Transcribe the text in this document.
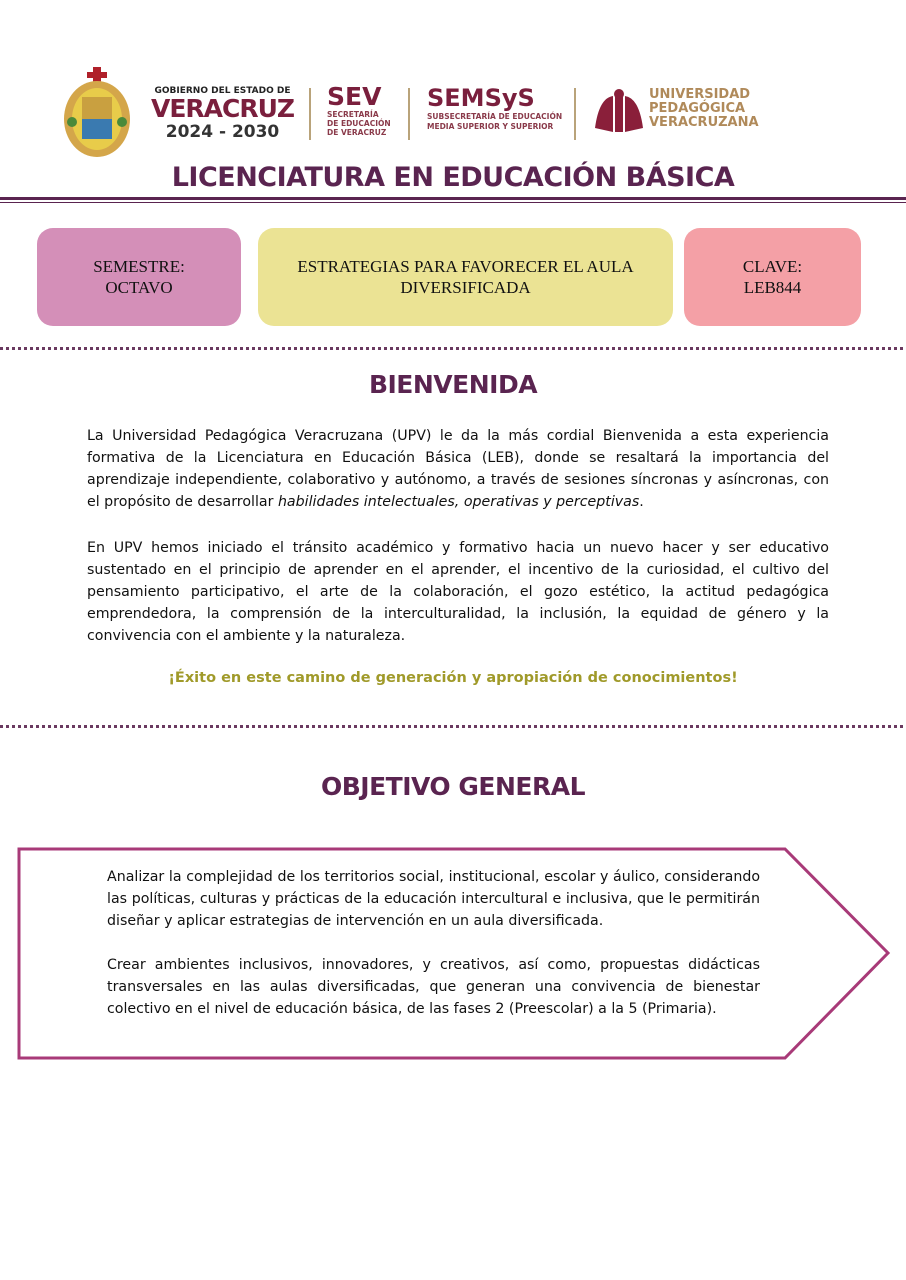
GOBIERNO DEL ESTADO DE
VERACRUZ
2024 - 2030
SEV
SECRETARÍA
DE EDUCACIÓN
DE VERACRUZ
SEMSyS
SUBSECRETARÍA DE EDUCACIÓN
MEDIA SUPERIOR Y SUPERIOR
UNIVERSIDAD
PEDAGÓGICA
VERACRUZANA
LICENCIATURA EN EDUCACIÓN BÁSICA
SEMESTRE:
OCTAVO
ESTRATEGIAS PARA FAVORECER EL AULA
DIVERSIFICADA
CLAVE:
LEB844
BIENVENIDA
La Universidad Pedagógica Veracruzana (UPV) le da la más cordial Bienvenida a esta experiencia formativa de la Licenciatura en Educación Básica (LEB), donde se resaltará la importancia del aprendizaje independiente, colaborativo y autónomo, a través de sesiones síncronas y asíncronas, con el propósito de desarrollar habilidades intelectuales, operativas y perceptivas.
En UPV hemos iniciado el tránsito académico y formativo hacia un nuevo hacer y ser educativo sustentado en el principio de aprender en el aprender, el incentivo de la curiosidad, el cultivo del pensamiento participativo, el arte de la colaboración, el gozo estético, la actitud pedagógica emprendedora, la comprensión de la interculturalidad, la inclusión, la equidad de género y la convivencia con el ambiente y la naturaleza.
¡Éxito en este camino de generación y apropiación de conocimientos!
OBJETIVO GENERAL
Analizar la complejidad de los territorios social, institucional, escolar y áulico, considerando las políticas, culturas y prácticas de la educación intercultural e inclusiva, que le permitirán diseñar y aplicar estrategias de intervención en un aula diversificada.
Crear ambientes inclusivos, innovadores, y creativos, así como, propuestas didácticas transversales en las aulas diversificadas, que generan una convivencia de bienestar colectivo en el nivel de educación básica, de las fases 2 (Preescolar) a la 5 (Primaria).
